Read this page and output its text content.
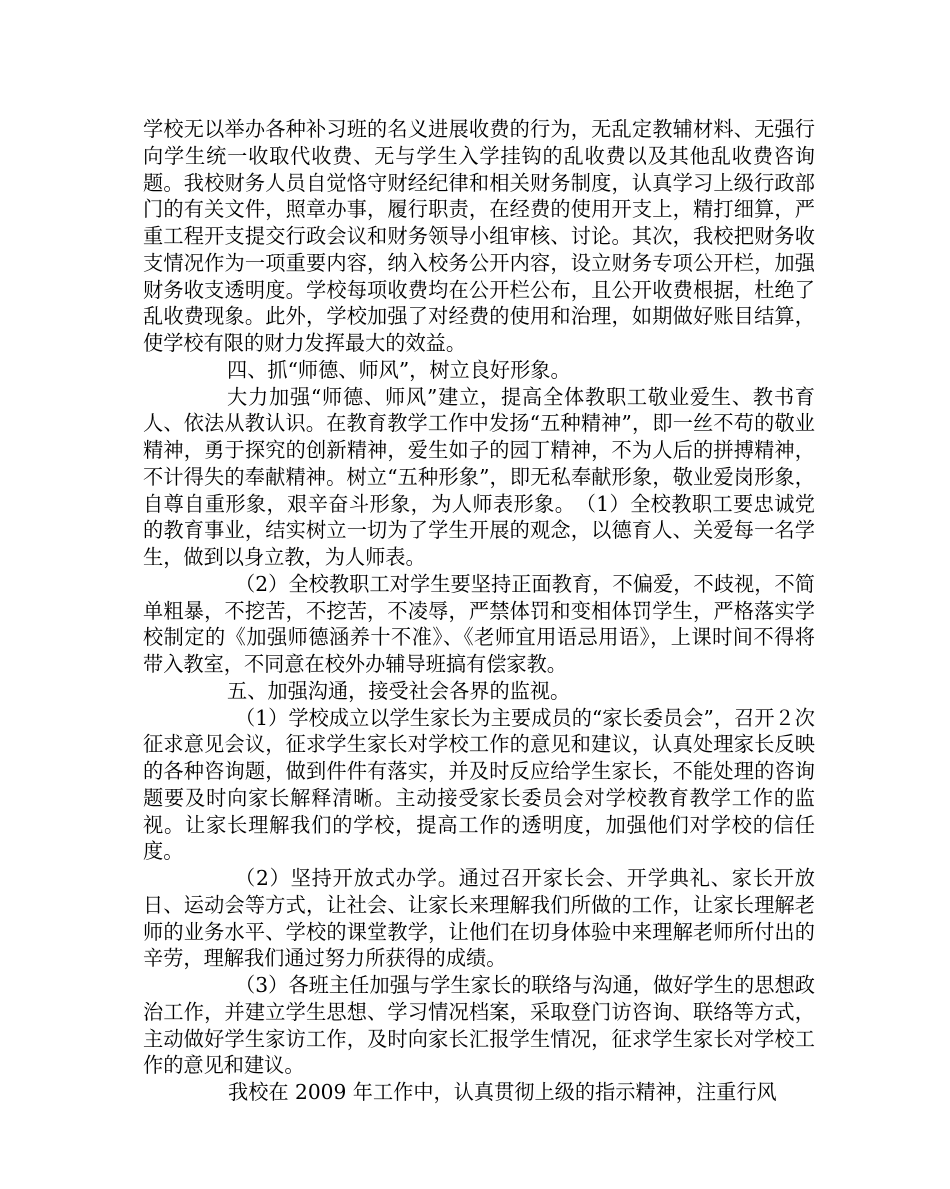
学校无以举办各种补习班的名义进展收费的行为，无乱定教辅材料、无强行向学生统一收取代收费、无与学生入学挂钩的乱收费以及其他乱收费咨询题。我校财务人员自觉恪守财经纪律和相关财务制度，认真学习上级行政部门的有关文件，照章办事，履行职责，在经费的使用开支上，精打细算，严重工程开支提交行政会议和财务领导小组审核、讨论。其次，我校把财务收支情况作为一项重要内容，纳入校务公开内容，设立财务专项公开栏，加强财务收支透明度。学校每项收费均在公开栏公布，且公开收费根据，杜绝了乱收费现象。此外，学校加强了对经费的使用和治理，如期做好账目结算，使学校有限的财力发挥最大的效益。

四、抓“师德、师风”，树立良好形象。

大力加强“师德、师风”建立，提高全体教职工敬业爱生、教书育人、依法从教认识。在教育教学工作中发扬“五种精神”，即一丝不苟的敬业精神，勇于探究的创新精神，爱生如子的园丁精神，不为人后的拼搏精神，不计得失的奉献精神。树立“五种形象”，即无私奉献形象，敬业爱岗形象，自尊自重形象，艰辛奋斗形象，为人师表形象。　（1）全校教职工要忠诚党的教育事业，结实树立一切为了学生开展的观念，以德育人、关爱每一名学生，做到以身立教，为人师表。

（2）全校教职工对学生要坚持正面教育，不偏爱，不歧视，不简单粗暴，不挖苦，不挖苦，不凌辱，严禁体罚和变相体罚学生，严格落实学校制定的《加强师德涵养十不准》、《老师宜用语忌用语》，上课时间不得将带入教室，不同意在校外办辅导班搞有偿家教。

五、加强沟通，接受社会各界的监视。

（1）学校成立以学生家长为主要成员的“家长委员会”，召开２次征求意见会议，征求学生家长对学校工作的意见和建议，认真处理家长反映的各种咨询题，做到件件有落实，并及时反应给学生家长，不能处理的咨询题要及时向家长解释清晰。主动接受家长委员会对学校教育教学工作的监视。让家长理解我们的学校，提高工作的透明度，加强他们对学校的信任度。

（2）坚持开放式办学。通过召开家长会、开学典礼、家长开放日、运动会等方式，让社会、让家长来理解我们所做的工作，让家长理解老师的业务水平、学校的课堂教学，让他们在切身体验中来理解老师所付出的辛劳，理解我们通过努力所获得的成绩。

（3）各班主任加强与学生家长的联络与沟通，做好学生的思想政治工作，并建立学生思想、学习情况档案，采取登门访咨询、联络等方式，主动做好学生家访工作，及时向家长汇报学生情况，征求学生家长对学校工作的意见和建议。

我校在 2009 年工作中，认真贯彻上级的指示精神，注重行风
